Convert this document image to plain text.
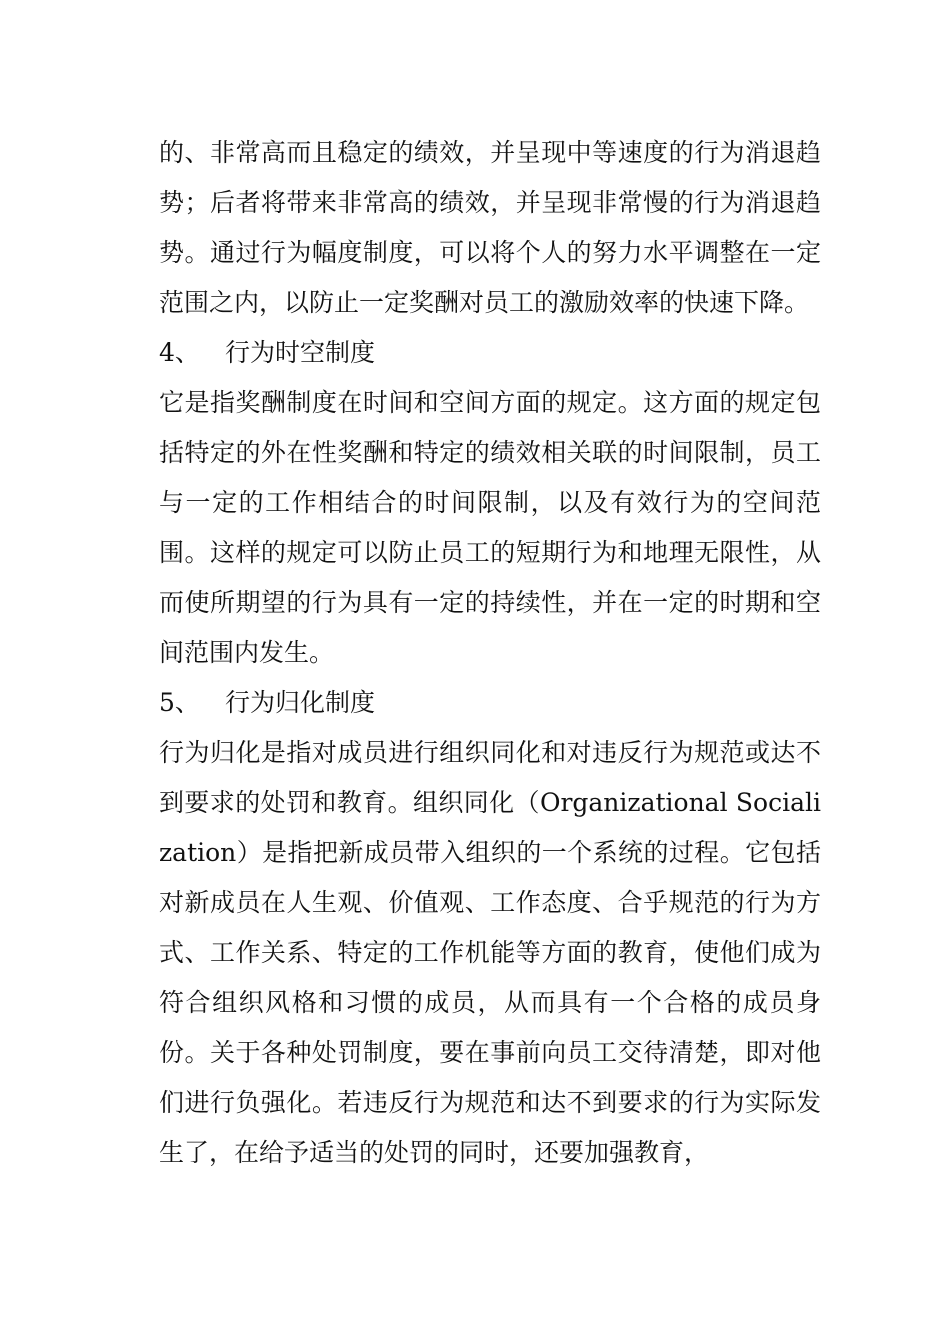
的、非常高而且稳定的绩效，并呈现中等速度的行为消退趋势；后者将带来非常高的绩效，并呈现非常慢的行为消退趋势。通过行为幅度制度，可以将个人的努力水平调整在一定范围之内，以防止一定奖酬对员工的激励效率的快速下降。

4、	行为时空制度

它是指奖酬制度在时间和空间方面的规定。这方面的规定包括特定的外在性奖酬和特定的绩效相关联的时间限制，员工与一定的工作相结合的时间限制，以及有效行为的空间范围。这样的规定可以防止员工的短期行为和地理无限性，从而使所期望的行为具有一定的持续性，并在一定的时期和空间范围内发生。

5、	行为归化制度

行为归化是指对成员进行组织同化和对违反行为规范或达不到要求的处罚和教育。组织同化（Organizational Socialization）是指把新成员带入组织的一个系统的过程。它包括对新成员在人生观、价值观、工作态度、合乎规范的行为方式、工作关系、特定的工作机能等方面的教育，使他们成为符合组织风格和习惯的成员，从而具有一个合格的成员身份。关于各种处罚制度，要在事前向员工交待清楚，即对他们进行负强化。若违反行为规范和达不到要求的行为实际发生了，在给予适当的处罚的同时，还要加强教育，
